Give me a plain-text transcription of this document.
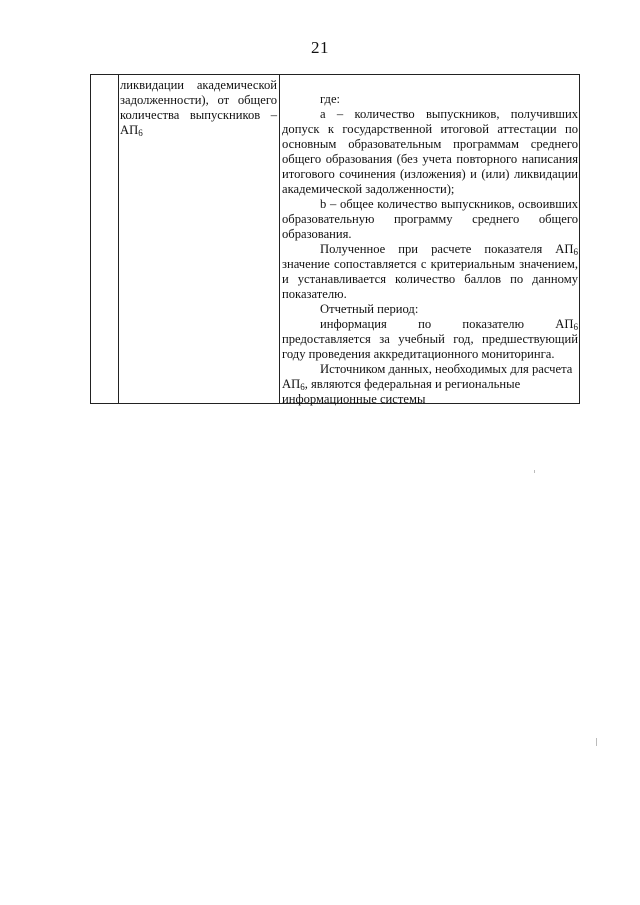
21

ликвидации академической

задолженности), от общего

количества выпускников –

$АП_6$

где:

а – количество выпускников, получивших допуск к государственной итоговой аттестации по основным образовательным программам среднего общего образования (без учета повторного написания итогового сочинения (изложения) и (или) ликвидации академической задолженности);

b – общее количество выпускников, освоивших образовательную программу среднего общего образования.

Полученное при расчете показателя $АП_6$ значение сопоставляется с критериальным значением, и устанавливается количество баллов по данному показателю.

Отчетный период:

информация по показателю $АП_6$ предоставляется за учебный год, предшествующий году проведения аккредитационного мониторинга.

Источником данных, необходимых для расчета $АП_6$, являются федеральная и региональные информационные системы
